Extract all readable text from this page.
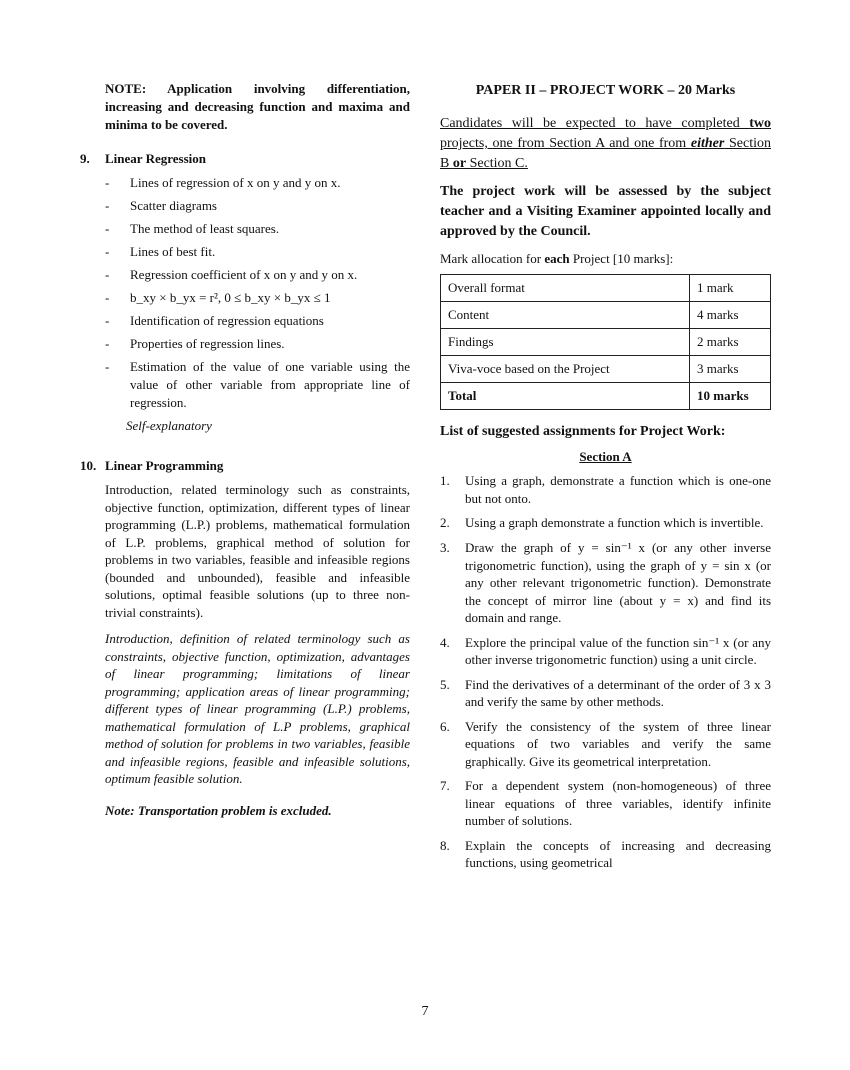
NOTE: Application involving differentiation, increasing and decreasing function and maxima and minima to be covered.
9.	Linear Regression
-	Lines of regression of x on y and y on x.
-	Scatter diagrams
-	The method of least squares.
-	Lines of best fit.
-	Regression coefficient of x on y and y on x.
-	b_xy × b_yx = r², 0 ≤ b_xy × b_yx ≤ 1
-	Identification of regression equations
-	Properties of regression lines.
-	Estimation of the value of one variable using the value of other variable from appropriate line of regression.
Self-explanatory
10. Linear Programming
Introduction, related terminology such as constraints, objective function, optimization, different types of linear programming (L.P.) problems, mathematical formulation of L.P. problems, graphical method of solution for problems in two variables, feasible and infeasible regions (bounded and unbounded), feasible and infeasible solutions, optimal feasible solutions (up to three non-trivial constraints).
Introduction, definition of related terminology such as constraints, objective function, optimization, advantages of linear programming; limitations of linear programming; application areas of linear programming; different types of linear programming (L.P.) problems, mathematical formulation of L.P problems, graphical method of solution for problems in two variables, feasible and infeasible regions, feasible and infeasible solutions, optimum feasible solution.
Note: Transportation problem is excluded.
PAPER II – PROJECT WORK – 20 Marks
Candidates will be expected to have completed two projects, one from Section A and one from either Section B or Section C.
The project work will be assessed by the subject teacher and a Visiting Examiner appointed locally and approved by the Council.
Mark allocation for each Project [10 marks]:
Overall format	1 mark
Content	4 marks
Findings	2 marks
Viva-voce based on the Project	3 marks
Total	10 marks
List of suggested assignments for Project Work:
Section A
1.	Using a graph, demonstrate a function which is one-one but not onto.
2.	Using a graph demonstrate a function which is invertible.
3.	Draw the graph of y = sin⁻¹ x (or any other inverse trigonometric function), using the graph of y = sin x (or any other relevant trigonometric function). Demonstrate the concept of mirror line (about y = x) and find its domain and range.
4.	Explore the principal value of the function sin⁻¹ x (or any other inverse trigonometric function) using a unit circle.
5.	Find the derivatives of a determinant of the order of 3 x 3 and verify the same by other methods.
6.	Verify the consistency of the system of three linear equations of two variables and verify the same graphically. Give its geometrical interpretation.
7.	For a dependent system (non-homogeneous) of three linear equations of three variables, identify infinite number of solutions.
8.	Explain the concepts of increasing and decreasing functions, using geometrical
7
